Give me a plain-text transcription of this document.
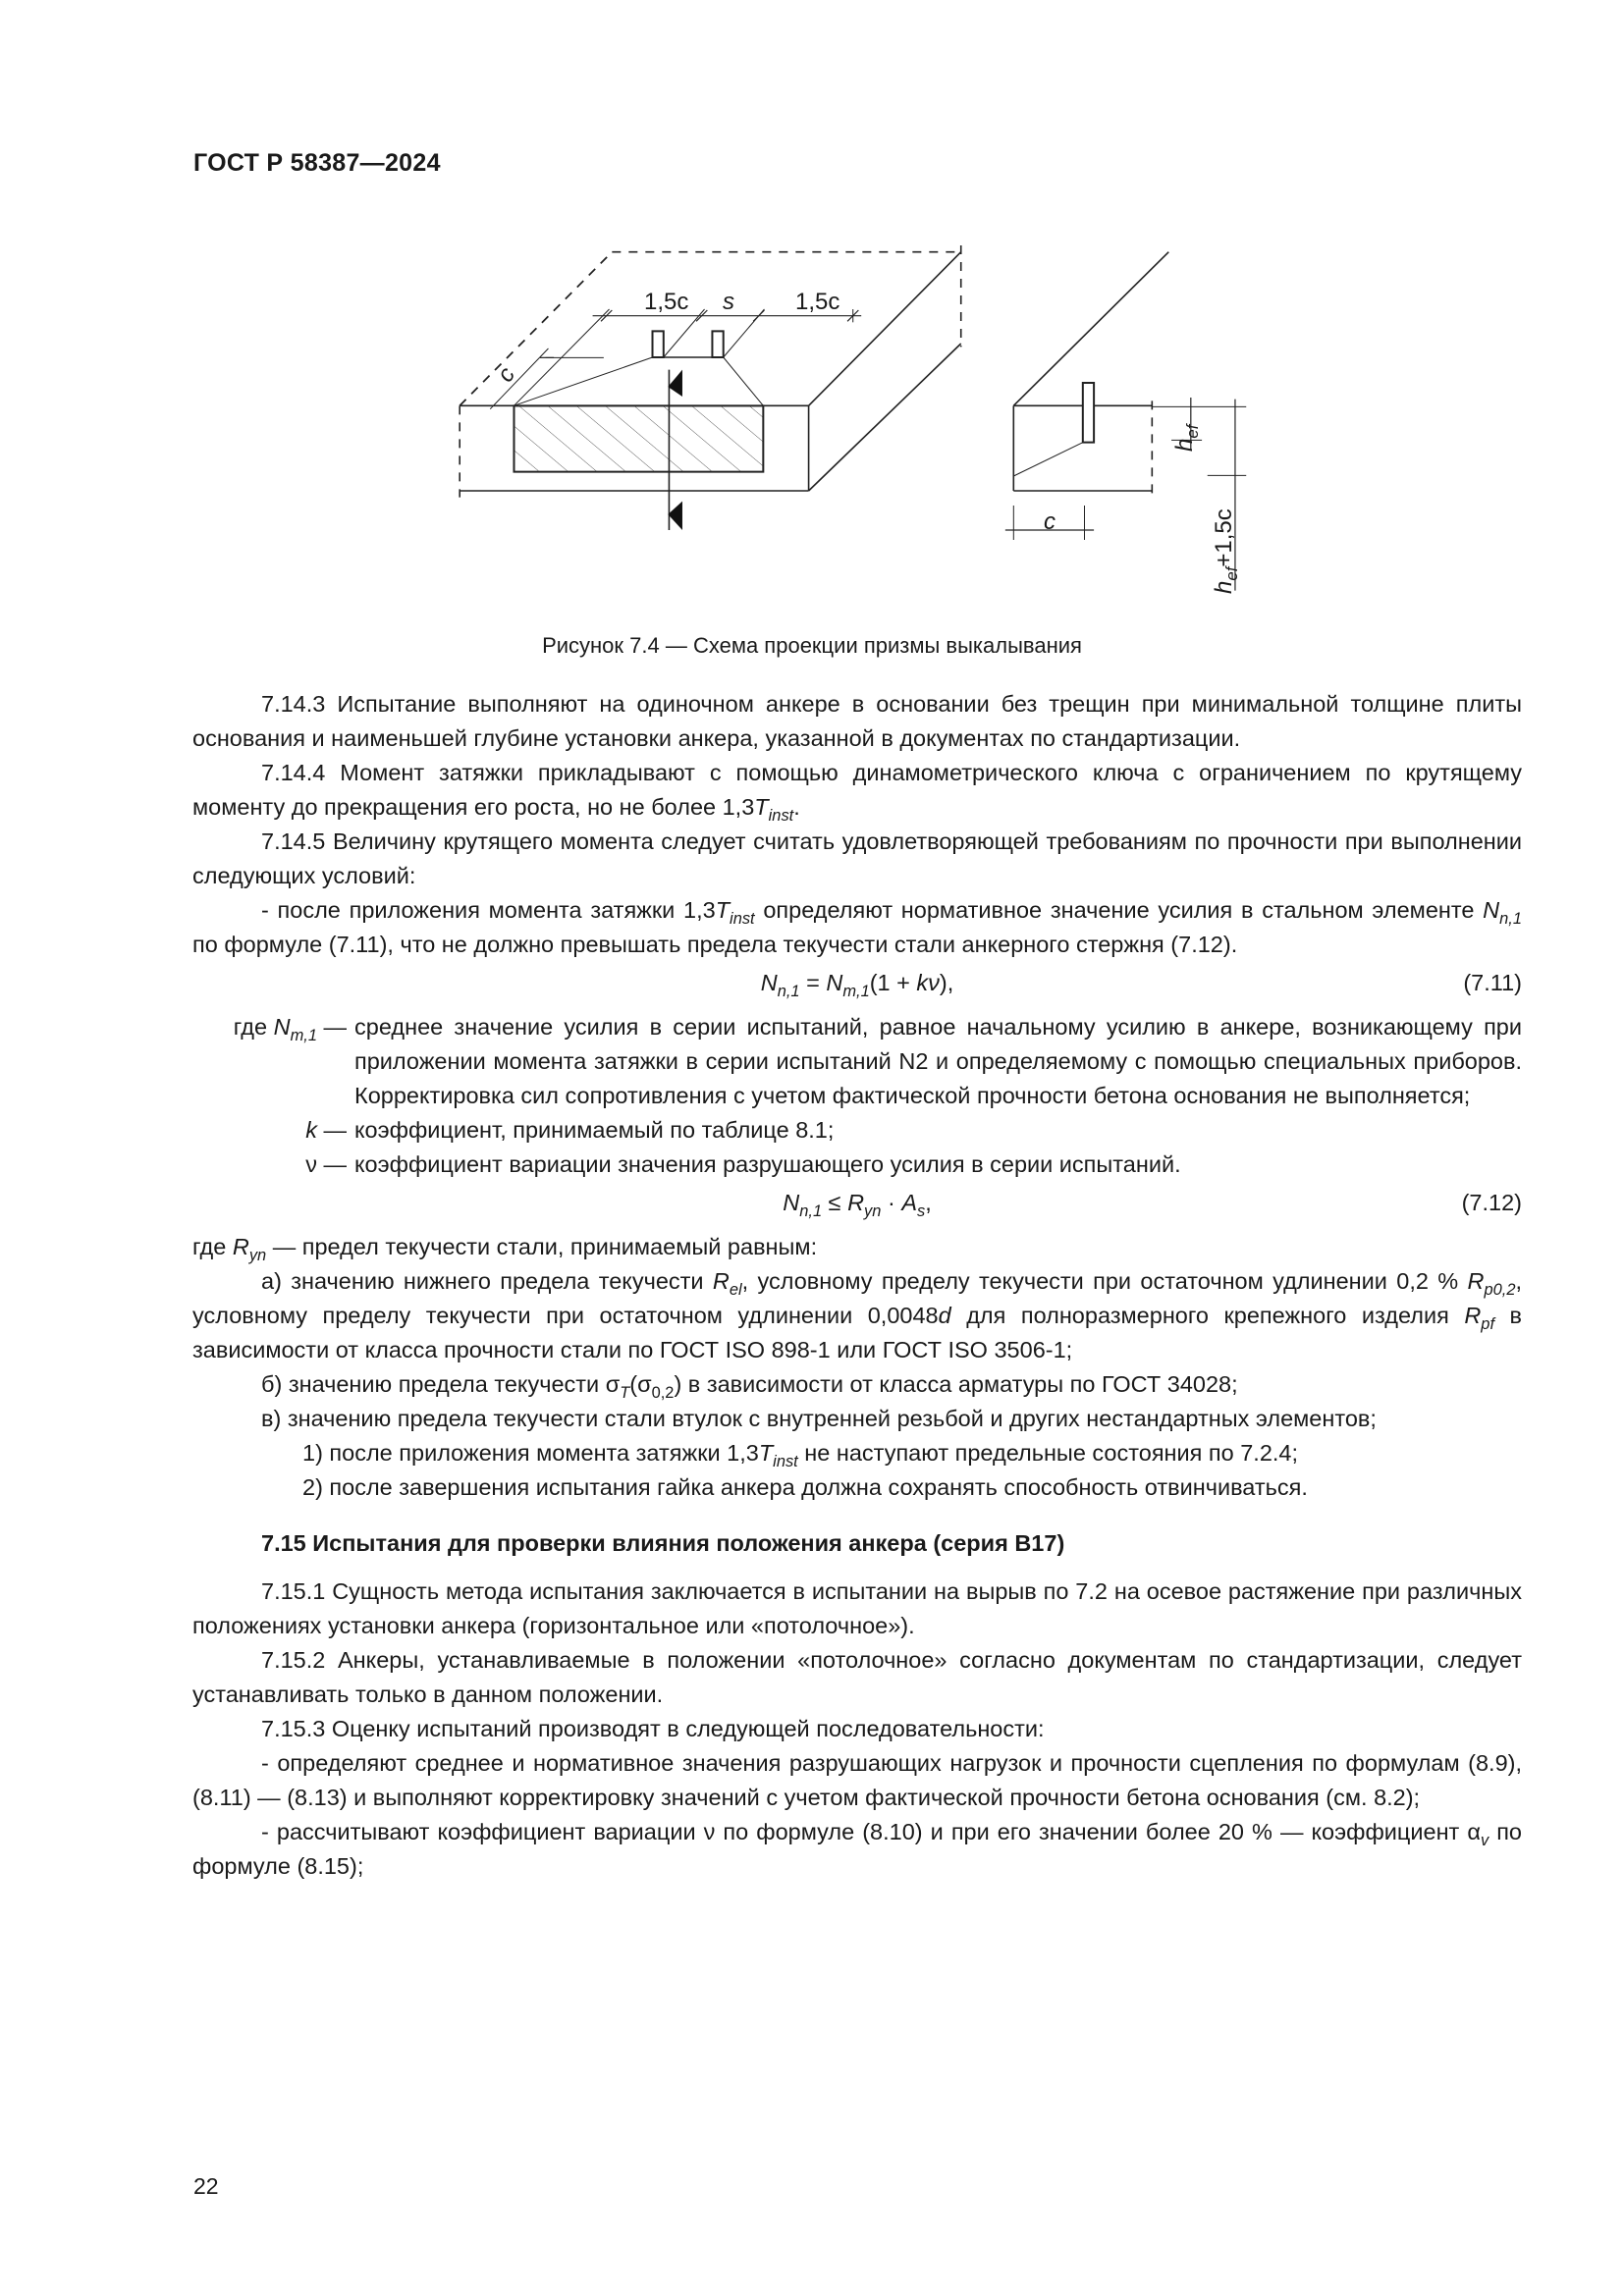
ГОСТ Р 58387—2024
1,5c s	1,5c
c
c
$h_{ef}$
$h_{ef}+1,5c$
Рисунок 7.4 — Схема проекции призмы выкалывания
7.14.3 Испытание выполняют на одиночном анкере в основании без трещин при минимальной толщине плиты основания и наименьшей глубине установки анкера, указанной в документах по стандартизации.
7.14.4 Момент затяжки прикладывают с помощью динамометрического ключа с ограничением по крутящему моменту до прекращения его роста, но не более $1,3T_{inst}$.
7.14.5 Величину крутящего момента следует считать удовлетворяющей требованиям по прочности при выполнении следующих условий:
- после приложения момента затяжки $1,3T_{inst}$ определяют нормативное значение усилия в стальном элементе $N_{n,1}$ по формуле (7.11), что не должно превышать предела текучести стали анкерного стержня (7.12).
$N_{n,1} = N_{m,1}(1 + k\nu)$,	(7.11)
где $N_{m,1}$ — среднее значение усилия в серии испытаний, равное начальному усилию в анкере, возникающему при приложении момента затяжки в серии испытаний N2 и определяемому с помощью специальных приборов. Корректировка сил сопротивления с учетом фактической прочности бетона основания не выполняется;
k — коэффициент, принимаемый по таблице 8.1;
ν — коэффициент вариации значения разрушающего усилия в серии испытаний.
$N_{n,1} \le R_{yn} \cdot A_s$,	(7.12)
где $R_{yn}$ — предел текучести стали, принимаемый равным:
а) значению нижнего предела текучести $R_{el}$, условному пределу текучести при остаточном удлинении 0,2 % $R_{p0,2}$, условному пределу текучести при остаточном удлинении 0,0048d для полноразмерного крепежного изделия $R_{pf}$ в зависимости от класса прочности стали по ГОСТ ISO 898-1 или ГОСТ ISO 3506-1;
б) значению предела текучести $\sigma_T(\sigma_{0,2})$ в зависимости от класса арматуры по ГОСТ 34028;
в) значению предела текучести стали втулок с внутренней резьбой и других нестандартных элементов;
1) после приложения момента затяжки $1,3T_{inst}$ не наступают предельные состояния по 7.2.4;
2) после завершения испытания гайка анкера должна сохранять способность отвинчиваться.
7.15 Испытания для проверки влияния положения анкера (серия В17)
7.15.1 Сущность метода испытания заключается в испытании на вырыв по 7.2 на осевое растяжение при различных положениях установки анкера (горизонтальное или «потолочное»).
7.15.2 Анкеры, устанавливаемые в положении «потолочное» согласно документам по стандартизации, следует устанавливать только в данном положении.
7.15.3 Оценку испытаний производят в следующей последовательности:
- определяют среднее и нормативное значения разрушающих нагрузок и прочности сцепления по формулам (8.9), (8.11) — (8.13) и выполняют корректировку значений с учетом фактической прочности бетона основания (см. 8.2);
- рассчитывают коэффициент вариации ν по формуле (8.10) и при его значении более 20 % — коэффициент $\alpha_v$ по формуле (8.15);
22
